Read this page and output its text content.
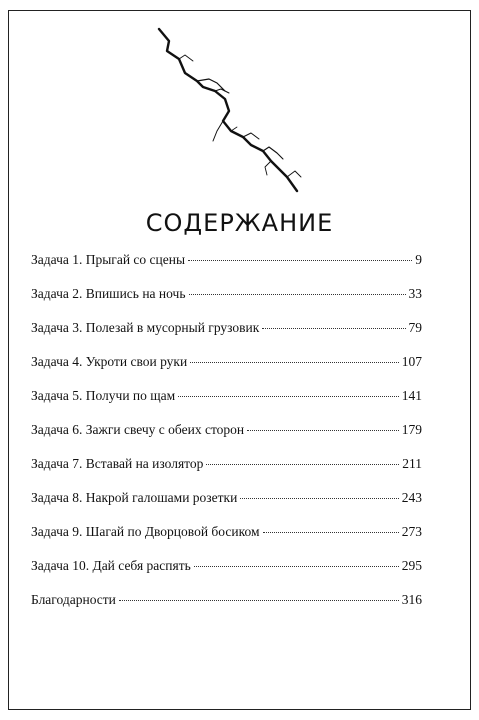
СОДЕРЖАНИЕ
Задача 1. Прыгай со сцены	9
Задача 2. Впишись на ночь	33
Задача 3. Полезай в мусорный грузовик	79
Задача 4. Укроти свои руки	107
Задача 5. Получи по щам	141
Задача 6. Зажги свечу с обеих сторон	179
Задача 7. Вставай на изолятор	211
Задача 8. Накрой галошами розетки	243
Задача 9. Шагай по Дворцовой босиком	273
Задача 10. Дай себя распять	295
Благодарности	316
